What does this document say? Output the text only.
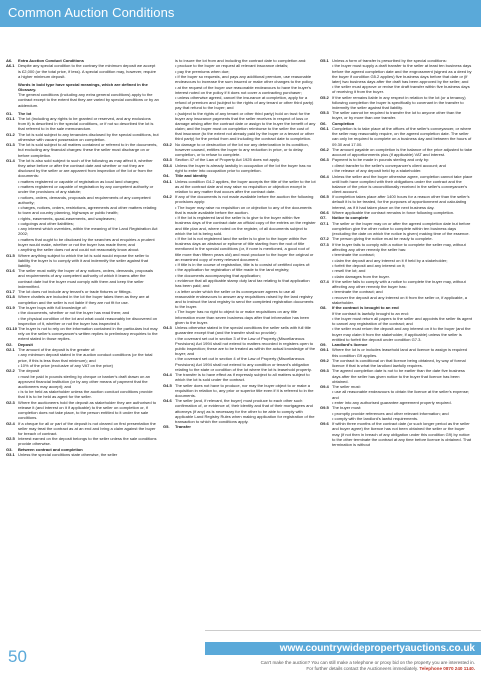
Common Auction Conditions
A6.	Extra Auction Conduct Conditions
A6.1 Despite any special condition to the contrary the minimum deposit we accept is £2,000 (or the total price, if less). A special condition may, however, require a higher minimum deposit.
Words in bold type have special meanings, which are defined in the Glossary.
The general conditions (including any extra general conditions) apply to the contract except to the extent that they are varied by special conditions or by an addendum.
G1.	The lot
G1.1 The lot (including any rights to be granted or reserved, and any exclusions from it) is described in the special conditions, or if not so described the lot is that referred to in the sale memorandum.
G1.2 The lot is sold subject to any tenancies disclosed by the special conditions, but otherwise with vacant possession on completion.
G1.3 The lot is sold subject to all matters contained or referred to in the documents, but excluding any financial charges: these the seller must discharge on or before completion.
G1.4 The lot is also sold subject to such of the following as may affect it, whether they arise before or after the contract date and whether or not they are disclosed by the seller or are apparent from inspection of the lot or from the documents:
• matters registered or capable of registration as local land charges;
• matters registered or capable of registration by any competent authority or under the provisions of any statute;
• notices, orders, demands, proposals and requirements of any competent authority;
• charges, notices, orders, restrictions, agreements and other matters relating to town and country planning, highways or public health;
• rights, easements, quasi-easements, and wayleaves;
• outgoings and other liabilities;
• any interest which overrides, within the meaning of the Land Registration Act 2002;
• matters that ought to be disclosed by the searches and enquiries a prudent buyer would make, whether or not the buyer has made them; and
• anything the seller does not and could not reasonably know about.
G1.5 Where anything subject to which the lot is sold would expose the seller to liability the buyer is to comply with it and indemnify the seller against that liability.
G1.6 The seller must notify the buyer of any notices, orders, demands, proposals and requirements of any competent authority of which it learns after the contract date but the buyer must comply with them and keep the seller indemnified.
G1.7 The lot does not include any tenant's or trade fixtures or fittings.
G1.8 Where chattels are included in the lot the buyer takes them as they are at completion and the seller is not liable if they are not fit for use.
G1.9 The buyer buys with full knowledge of:
• the documents, whether or not the buyer has read them; and
• the physical condition of the lot and what could reasonably be discovered on inspection of it, whether or not the buyer has inspected it.
G1.10 The buyer is not to rely on the information contained in the particulars but may rely on the seller's conveyancer's written replies to preliminary enquiries to the extent stated in those replies.
G2.	Deposit
G2.1 The amount of the deposit is the greater of:
• any minimum deposit stated in the auction conduct conditions (or the total price, if this is less than that minimum); and
• 10% of the price (exclusive of any VAT on the price)
G2.2 The deposit
• must be paid in pounds sterling by cheque or banker's draft drawn on an approved financial institution (or by any other means of payment that the auctioneers may accept); and
• is to be held as stakeholder unless the auction conduct conditions provide that it is to be held as agent for the seller.
G2.3 Where the auctioneers hold the deposit as stakeholder they are authorised to release it (and interest on it if applicable) to the seller on completion or, if completion does not take place, to the person entitled to it under the sale conditions.
G2.4 If a cheque for all or part of the deposit is not cleared on first presentation the seller may treat the contract as at an end and bring a claim against the buyer for breach of contract.
G2.5 Interest earned on the deposit belongs to the seller unless the sale conditions provide otherwise.
G3.	Between contract and completion
G3.1 Unless the special conditions state otherwise, the seller
is to insure the lot from and including the contract date to completion and:
• produce to the buyer on request all relevant insurance details;
• pay the premiums when due;
• if the buyer so requests, and pays any additional premium, use reasonable endeavours to increase the sum insured or make other changes to the policy;
• at the request of the buyer use reasonable endeavours to have the buyer's interest noted on the policy if it does not cover a contracting purchaser;
• unless otherwise agreed, cancel the insurance at completion, apply for a refund of premium and (subject to the rights of any tenant or other third party) pay that refund to the buyer; and
• (subject to the rights of any tenant or other third party) hold on trust for the buyer any insurance payments that the seller receives in respect of loss or damage arising after the contract date or assign to the buyer the benefit of any claim; and the buyer must on completion reimburse to the seller the cost of that insurance (to the extent not already paid by the buyer or a tenant or other third party) for the period from and including the contract date to completion.
G3.2 No damage to or destruction of the lot nor any deterioration in its condition, however caused, entitles the buyer to any reduction in price, or to delay completion, or to refuse to complete.
G3.3 Section 47 of the Law of Property Act 1925 does not apply.
G3.4 Unless the buyer is already lawfully in occupation of the lot the buyer has no right to enter into occupation prior to completion.
G4.	Title and identity
G4.1 Unless condition G4.2 applies, the buyer accepts the title of the seller to the lot as at the contract date and may raise no requisition or objection except in relation to any matter that occurs after the contract date.
G4.2 If any of the documents is not made available before the auction the following provisions apply:
• The buyer may raise no requisition on or objection to any of the documents that is made available before the auction.
• If the lot is registered land the seller is to give to the buyer within five business days of the contract date an official copy of the entries on the register and title plan and, where noted on the register, of all documents subject to which the lot is being sold.
• If the lot is not registered land the seller is to give to the buyer within five business days an abstract or epitome of title starting from the root of title mentioned in the special conditions (or, if none is mentioned, a good root of title more than fifteen years old) and must produce to the buyer the original or an examined copy of every relevant document.
• If title is in the course of registration, title is to consist of certified copies of:
• the application for registration of title made to the land registry;
• the documents accompanying that application;
• evidence that all applicable stamp duty land tax relating to that application has been paid; and
• a letter under which the seller or its conveyancer agrees to use all reasonable endeavours to answer any requisitions raised by the land registry and to instruct the land registry to send the completed registration documents to the buyer.
• The buyer has no right to object to or make requisitions on any title information more than seven business days after that information has been given to the buyer.
G4.3 Unless otherwise stated in the special conditions the seller sells with full title guarantee except that (and the transfer shall so provide):
• the covenant set out in section 3 of the Law of Property (Miscellaneous Provisions) Act 1994 shall not extend to matters recorded in registers open to public inspection; these are to be treated as within the actual knowledge of the buyer; and
• the covenant set out in section 4 of the Law of Property (Miscellaneous Provisions) Act 1994 shall not extend to any condition or tenant's obligation relating to the state or condition of the lot where the lot is leasehold property.
G4.4 The transfer is to have effect as if expressly subject to all matters subject to which the lot is sold under the contract.
G4.5 The seller does not have to produce, nor may the buyer object to or make a requisition in relation to, any prior or superior title even if it is referred to in the documents.
G4.6 The seller (and, if relevant, the buyer) must produce to each other such confirmation of, or evidence of, their identity and that of their mortgagees and attorneys (if any) as is necessary for the other to be able to comply with applicable Land Registry Rules when making application for registration of the transaction to which the conditions apply.
G5.	Transfer
G5.1 Unless a form of transfer is prescribed by the special conditions:
• the buyer must supply a draft transfer to the seller at least ten business days before the agreed completion date and the engrossment (signed as a deed by the buyer if condition G5.2 applies) five business days before that date or (if later) two business days after the draft has been approved by the seller; and
• the seller must approve or revise the draft transfer within five business days of receiving it from the buyer.
G5.2 If the seller remains liable in any respect in relation to the lot (or a tenancy) following completion the buyer is specifically to covenant in the transfer to indemnify the seller against that liability.
G5.3 The seller cannot be required to transfer the lot to anyone other than the buyer, or by more than one transfer.
G6.	Completion
G6.1 Completion is to take place at the offices of the seller's conveyancer, or where the seller may reasonably require, on the agreed completion date. The seller can only be required to complete on a business day and between the hours of 09.30 and 17.00.
G6.2 The amount payable on completion is the balance of the price adjusted to take account of apportionments plus (if applicable) VAT and interest.
G6.3 Payment is to be made in pounds sterling and only by:
• direct transfer to the seller's conveyancer's client account; and
• the release of any deposit held by a stakeholder.
G6.4 Unless the seller and the buyer otherwise agree, completion cannot take place until both have complied with their obligations under the contract and the balance of the price is unconditionally received in the seller's conveyancer's client account.
G6.5 If completion takes place after 1400 hours for a reason other than the seller's default it is to be treated, for the purposes of apportionment and calculating interest, as if it had taken place on the next business day.
G6.6 Where applicable the contract remains in force following completion.
G7.	Notice to complete
G7.1 The seller or the buyer may on or after the agreed completion date but before completion give the other notice to complete within ten business days (excluding the date on which the notice is given) making time of the essence.
G7.2 The person giving the notice must be ready to complete.
G7.3 If the buyer fails to comply with a notice to complete the seller may, without affecting any other remedy the seller has:
• terminate the contract;
• claim the deposit and any interest on it if held by a stakeholder;
• forfeit the deposit and any interest on it;
• resell the lot; and
• claim damages from the buyer.
G7.4 If the seller fails to comply with a notice to complete the buyer may, without affecting any other remedy the buyer has:
• terminate the contract; and
• recover the deposit and any interest on it from the seller or, if applicable, a stakeholder.
G8.	If the contract is brought to an end
If the contract is lawfully brought to an end:
• the buyer must return all papers to the seller and appoints the seller its agent to cancel any registration of the contract; and
• the seller must return the deposit and any interest on it to the buyer (and the buyer may claim it from the stakeholder, if applicable) unless the seller is entitled to forfeit the deposit under condition G7.3.
G9.	Landlord's licence
G9.1 Where the lot is or includes leasehold land and licence to assign is required this condition G9 applies.
G9.2 The contract is conditional on that licence being obtained, by way of formal licence if that is what the landlord lawfully requires.
G9.3 The agreed completion date is not to be earlier than the date five business days after the seller has given notice to the buyer that licence has been obtained.
G9.4 The seller must:
• use all reasonable endeavours to obtain the licence at the seller's expense; and
• enter into any authorised guarantee agreement properly required.
G9.5 The buyer must:
• promptly provide references and other relevant information; and
• comply with the landlord's lawful requirements.
G9.6 If within three months of the contract date (or such longer period as the seller and buyer agree) the licence has not been obtained the seller or the buyer may (if not then in breach of any obligation under this condition G9) by notice to the other terminate the contract at any time before licence is obtained. That termination is without
www.countrywidepropertyauctions.co.uk
50	Can't make the auction? You can still make a telephone or proxy bid on the property you are interested in.
For further details contact the Auctioneers immediately. Telephone 0870 240 1140.
